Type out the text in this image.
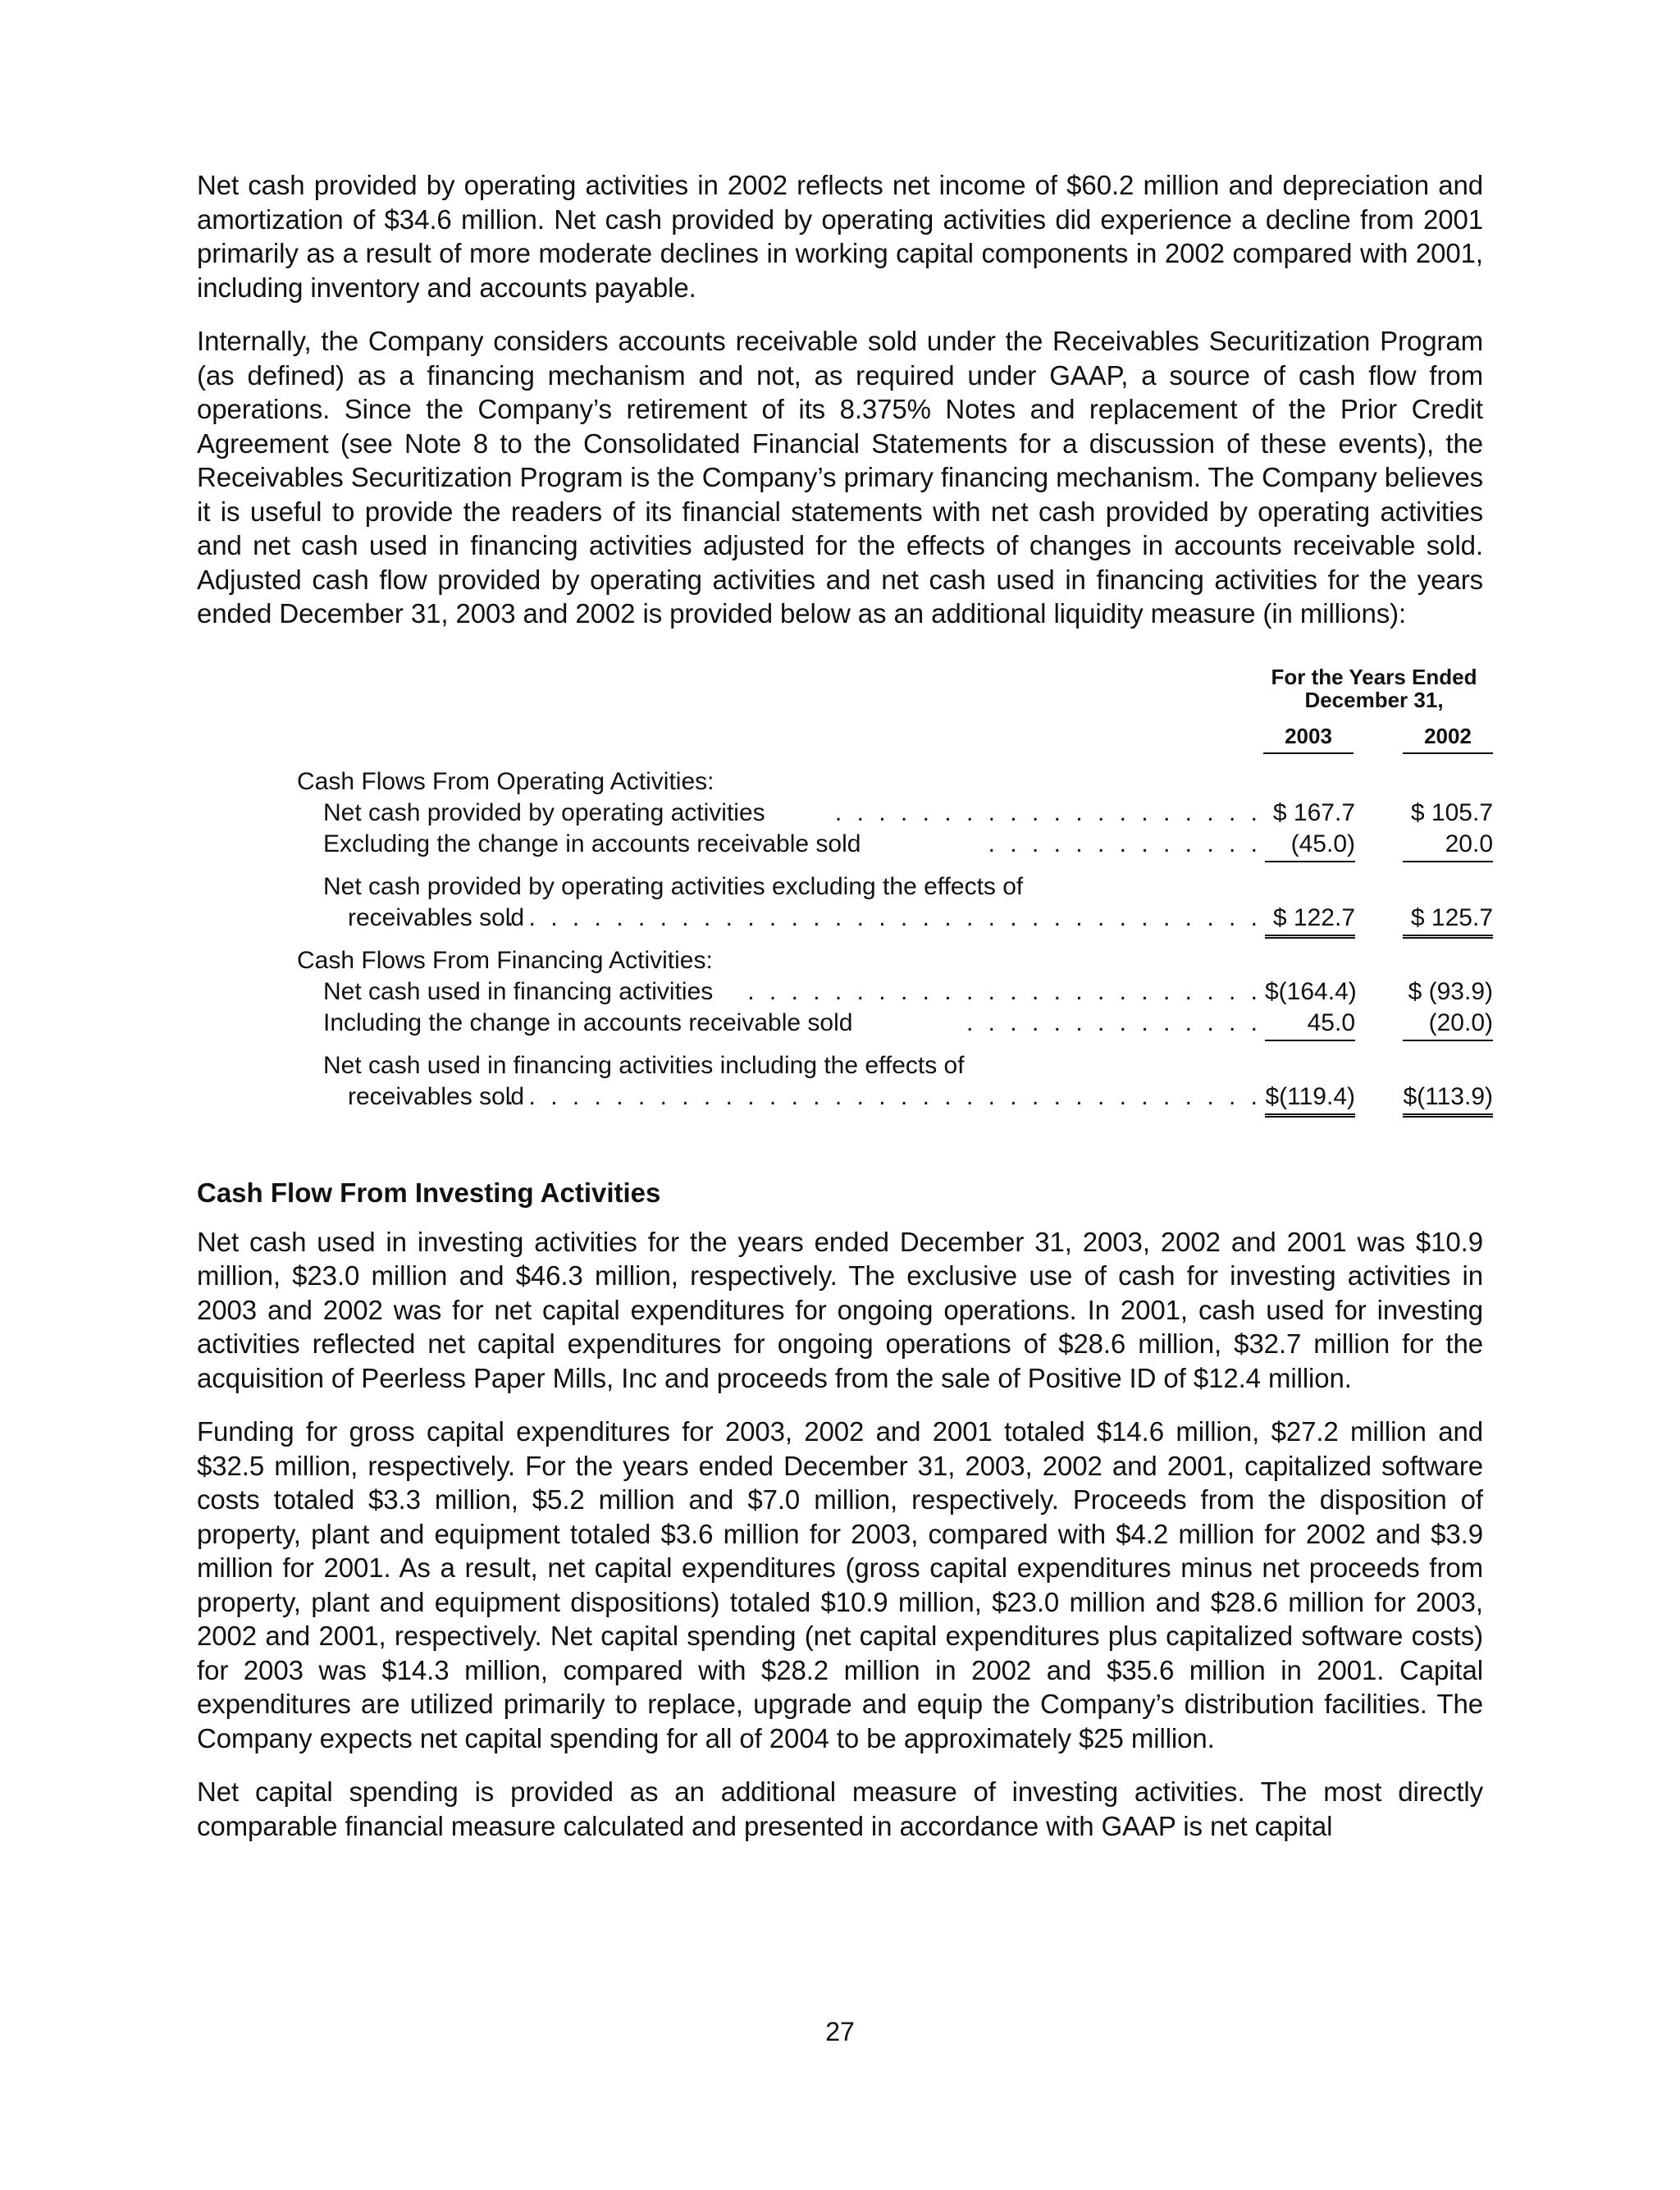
Net cash provided by operating activities in 2002 reflects net income of $60.2 million and depreciation and amortization of $34.6 million. Net cash provided by operating activities did experience a decline from 2001 primarily as a result of more moderate declines in working capital components in 2002 compared with 2001, including inventory and accounts payable.

Internally, the Company considers accounts receivable sold under the Receivables Securitization Program (as defined) as a financing mechanism and not, as required under GAAP, a source of cash flow from operations. Since the Company’s retirement of its 8.375% Notes and replacement of the Prior Credit Agreement (see Note 8 to the Consolidated Financial Statements for a discussion of these events), the Receivables Securitization Program is the Company’s primary financing mechanism. The Company believes it is useful to provide the readers of its financial statements with net cash provided by operating activities and net cash used in financing activities adjusted for the effects of changes in accounts receivable sold. Adjusted cash flow provided by operating activities and net cash used in financing activities for the years ended December 31, 2003 and 2002 is provided below as an additional liquidity measure (in millions):

For the Years Ended
December 31,
2003	2002
Cash Flows From Operating Activities:
Net cash provided by operating activities	. . . . . . . . . . . . . . . . . . . . $ 167.7	$ 105.7
Excluding the change in accounts receivable sold	. . . . . . . . . . . . .	(45.0)	20.0
Net cash provided by operating activities excluding the effects of
receivables sold
. . . . . . . . . . . . . . . . . . . . . . . . . . . . . . . . . . . $ 122.7	$ 125.7
Cash Flows From Financing Activities:
Net cash used in financing activities . . . . . . . . . . . . . . . . . . . . . . . . $(164.4) $ (93.9)
Including the change in accounts receivable sold	. . . . . . . . . . . . . .	45.0	(20.0)
Net cash used in financing activities including the effects of
receivables sold
. . . . . . . . . . . . . . . . . . . . . . . . . . . . . . . . . . . $(119.4) $(113.9)
Cash Flow From Investing Activities

Net cash used in investing activities for the years ended December 31, 2003, 2002 and 2001 was $10.9 million, $23.0 million and $46.3 million, respectively. The exclusive use of cash for investing activities in 2003 and 2002 was for net capital expenditures for ongoing operations. In 2001, cash used for investing activities reflected net capital expenditures for ongoing operations of $28.6 million, $32.7 million for the acquisition of Peerless Paper Mills, Inc and proceeds from the sale of Positive ID of $12.4 million.

Funding for gross capital expenditures for 2003, 2002 and 2001 totaled $14.6 million, $27.2 million and $32.5 million, respectively. For the years ended December 31, 2003, 2002 and 2001, capitalized software costs totaled $3.3 million, $5.2 million and $7.0 million, respectively. Proceeds from the disposition of property, plant and equipment totaled $3.6 million for 2003, compared with $4.2 million for 2002 and $3.9 million for 2001. As a result, net capital expenditures (gross capital expenditures minus net proceeds from property, plant and equipment dispositions) totaled $10.9 million, $23.0 million and $28.6 million for 2003, 2002 and 2001, respectively. Net capital spending (net capital expenditures plus capitalized software costs) for 2003 was $14.3 million, compared with $28.2 million in 2002 and $35.6 million in 2001. Capital expenditures are utilized primarily to replace, upgrade and equip the Company’s distribution facilities. The Company expects net capital spending for all of 2004 to be approximately $25 million.

Net capital spending is provided as an additional measure of investing activities. The most directly comparable financial measure calculated and presented in accordance with GAAP is net capital

27
